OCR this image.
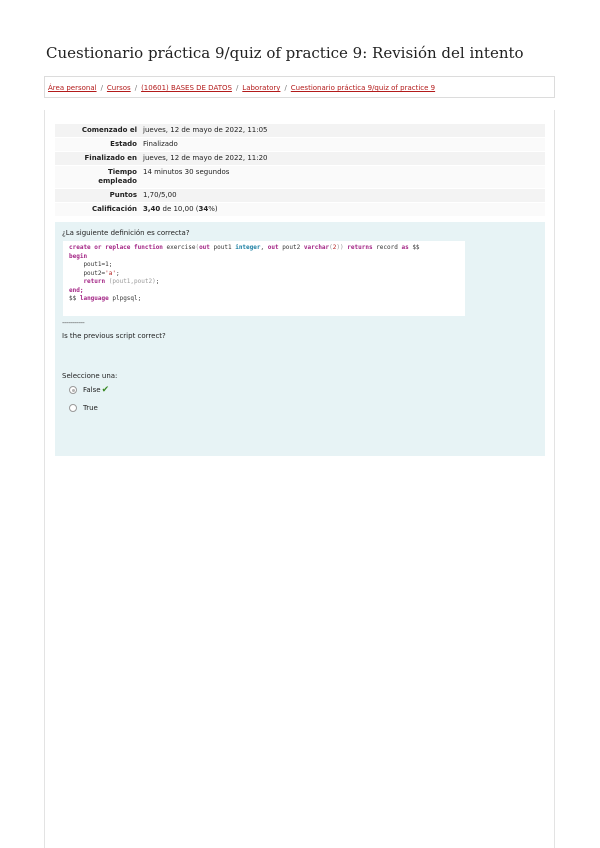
Cuestionario práctica 9/quiz of practice 9: Revisión del intento
Área personal / Cursos / (10601) BASES DE DATOS / Laboratory / Cuestionario práctica 9/quiz of practice 9
Comenzado el	jueves, 12 de mayo de 2022, 11:05
Estado	Finalizado
Finalizado en	jueves, 12 de mayo de 2022, 11:20
Tiempo
empleado	14 minutos 30 segundos
Puntos	1,70/5,00
Calificación	3,40 de 10,00 (34%)
¿La siguiente definición es correcta?
create or replace function exercise(out pout1 integer, out pout2 varchar(2)) returns record as $$
begin
pout1=1;
pout2='a';
return (pout1,pout2);
end;
$$ language plpgsql;
-----------
Is the previous script correct?
Seleccione una:
False ✔
True
